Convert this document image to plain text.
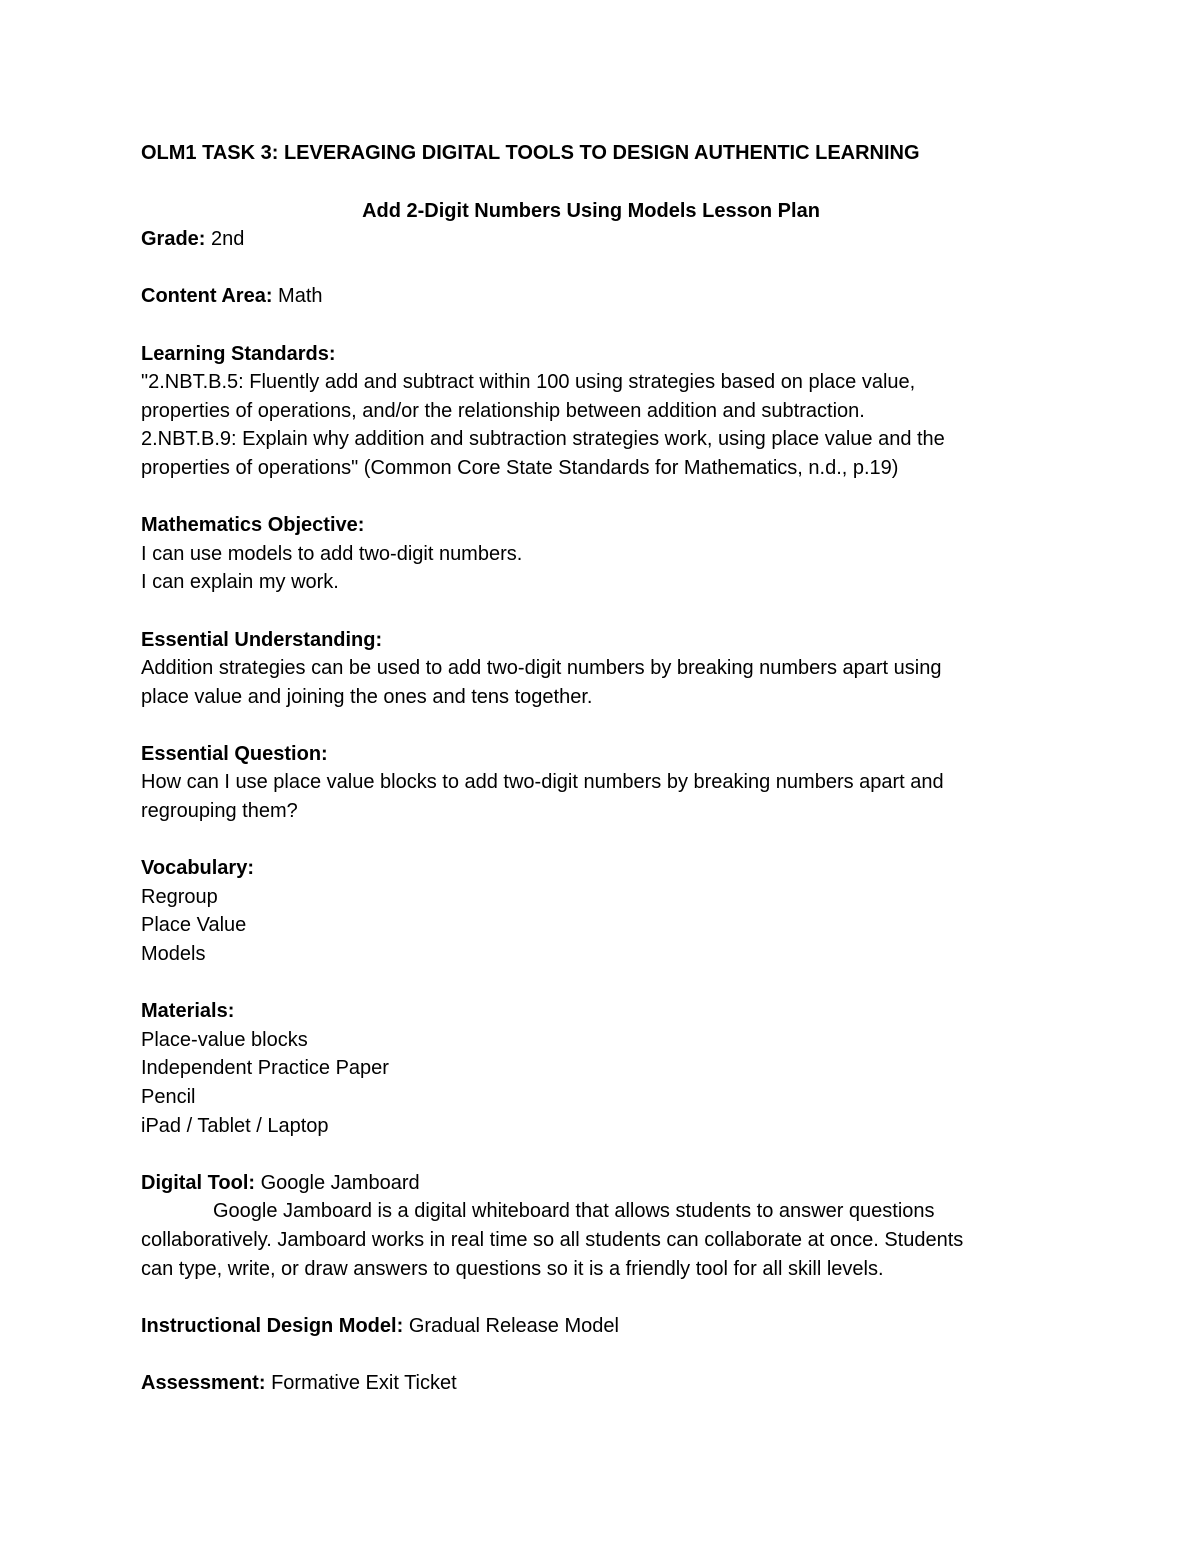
OLM1 TASK 3: LEVERAGING DIGITAL TOOLS TO DESIGN AUTHENTIC LEARNING
Add 2-Digit Numbers Using Models Lesson Plan
Grade: 2nd
Content Area: Math
Learning Standards:
"2.NBT.B.5: Fluently add and subtract within 100 using strategies based on place value,
properties of operations, and/or the relationship between addition and subtraction.
2.NBT.B.9: Explain why addition and subtraction strategies work, using place value and the
properties of operations" (Common Core State Standards for Mathematics, n.d., p.19)
Mathematics Objective:
I can use models to add two-digit numbers.
I can explain my work.
Essential Understanding:
Addition strategies can be used to add two-digit numbers by breaking numbers apart using
place value and joining the ones and tens together.
Essential Question:
How can I use place value blocks to add two-digit numbers by breaking numbers apart and
regrouping them?
Vocabulary:
Regroup
Place Value
Models
Materials:
Place-value blocks
Independent Practice Paper
Pencil
iPad / Tablet / Laptop
Digital Tool: Google Jamboard
Google Jamboard is a digital whiteboard that allows students to answer questions
collaboratively. Jamboard works in real time so all students can collaborate at once. Students
can type, write, or draw answers to questions so it is a friendly tool for all skill levels.
Instructional Design Model: Gradual Release Model
Assessment: Formative Exit Ticket
